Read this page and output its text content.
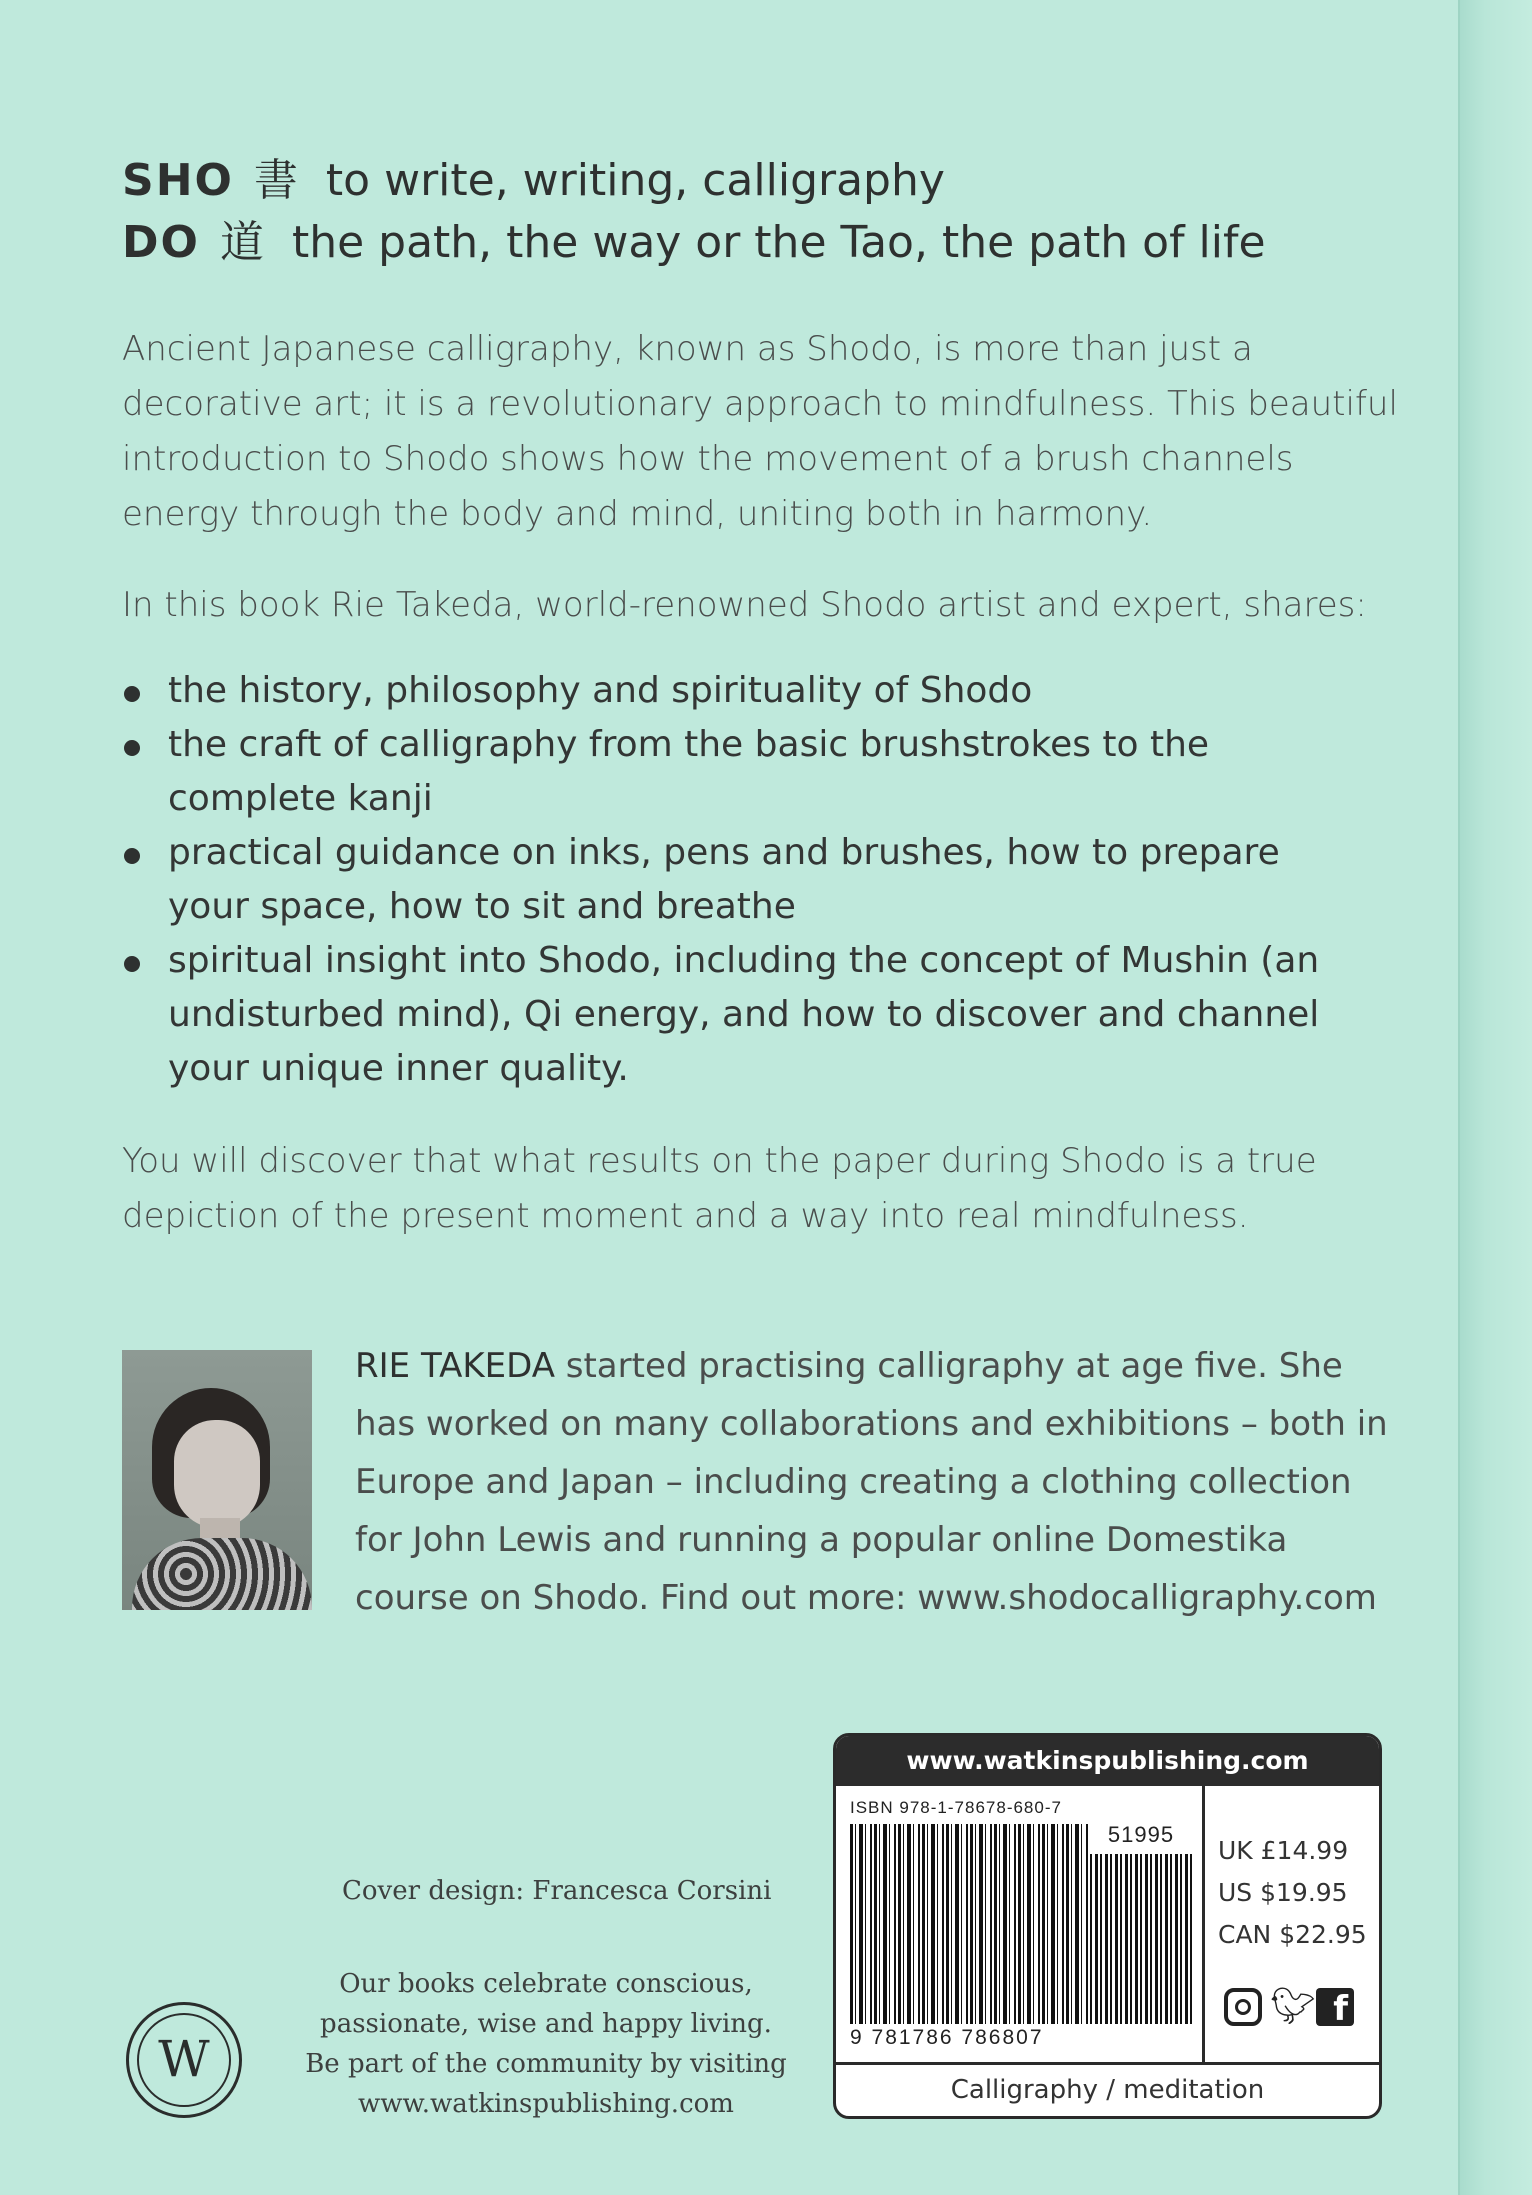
SHO 書 to write, writing, calligraphy
DO 道 the path, the way or the Tao, the path of life
Ancient Japanese calligraphy, known as Shodo, is more than just a decorative art; it is a revolutionary approach to mindfulness. This beautiful introduction to Shodo shows how the movement of a brush channels energy through the body and mind, uniting both in harmony.
In this book Rie Takeda, world-renowned Shodo artist and expert, shares:
the history, philosophy and spirituality of Shodo
the craft of calligraphy from the basic brushstrokes to the complete kanji
practical guidance on inks, pens and brushes, how to prepare your space, how to sit and breathe
spiritual insight into Shodo, including the concept of Mushin (an undisturbed mind), Qi energy, and how to discover and channel your unique inner quality.
You will discover that what results on the paper during Shodo is a true depiction of the present moment and a way into real mindfulness.
RIE TAKEDA started practising calligraphy at age five. She has worked on many collaborations and exhibitions – both in Europe and Japan – including creating a clothing collection for John Lewis and running a popular online Domestika course on Shodo. Find out more: www.shodocalligraphy.com
Cover design: Francesca Corsini
Our books celebrate conscious,
passionate, wise and happy living.
Be part of the community by visiting
www.watkinspublishing.com
W
www.watkinspublishing.com
ISBN 978-1-78678-680-7
51995
9 781786 786807
UK £14.99
US $19.95
CAN $22.95
🐦︎ f
Calligraphy / meditation
